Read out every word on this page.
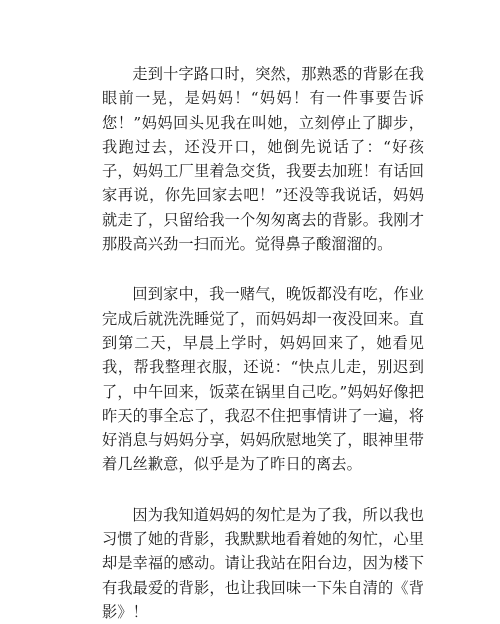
走到十字路口时，突然，那熟悉的背影在我眼前一晃，是妈妈！“妈妈！有一件事要告诉您！”妈妈回头见我在叫她，立刻停止了脚步，我跑过去，还没开口，她倒先说话了：“好孩子，妈妈工厂里着急交货，我要去加班！有话回家再说，你先回家去吧！”还没等我说话，妈妈就走了，只留给我一个匆匆离去的背影。我刚才那股高兴劲一扫而光。觉得鼻子酸溜溜的。

回到家中，我一赌气，晚饭都没有吃，作业完成后就洗洗睡觉了，而妈妈却一夜没回来。直到第二天，早晨上学时，妈妈回来了，她看见我，帮我整理衣服，还说：“快点儿走，别迟到了，中午回来，饭菜在锅里自己吃。”妈妈好像把昨天的事全忘了，我忍不住把事情讲了一遍，将好消息与妈妈分享，妈妈欣慰地笑了，眼神里带着几丝歉意，似乎是为了昨日的离去。

因为我知道妈妈的匆忙是为了我，所以我也习惯了她的背影，我默默地看着她的匆忙，心里却是幸福的感动。请让我站在阳台边，因为楼下有我最爱的背影，也让我回味一下朱自清的《背影》！
